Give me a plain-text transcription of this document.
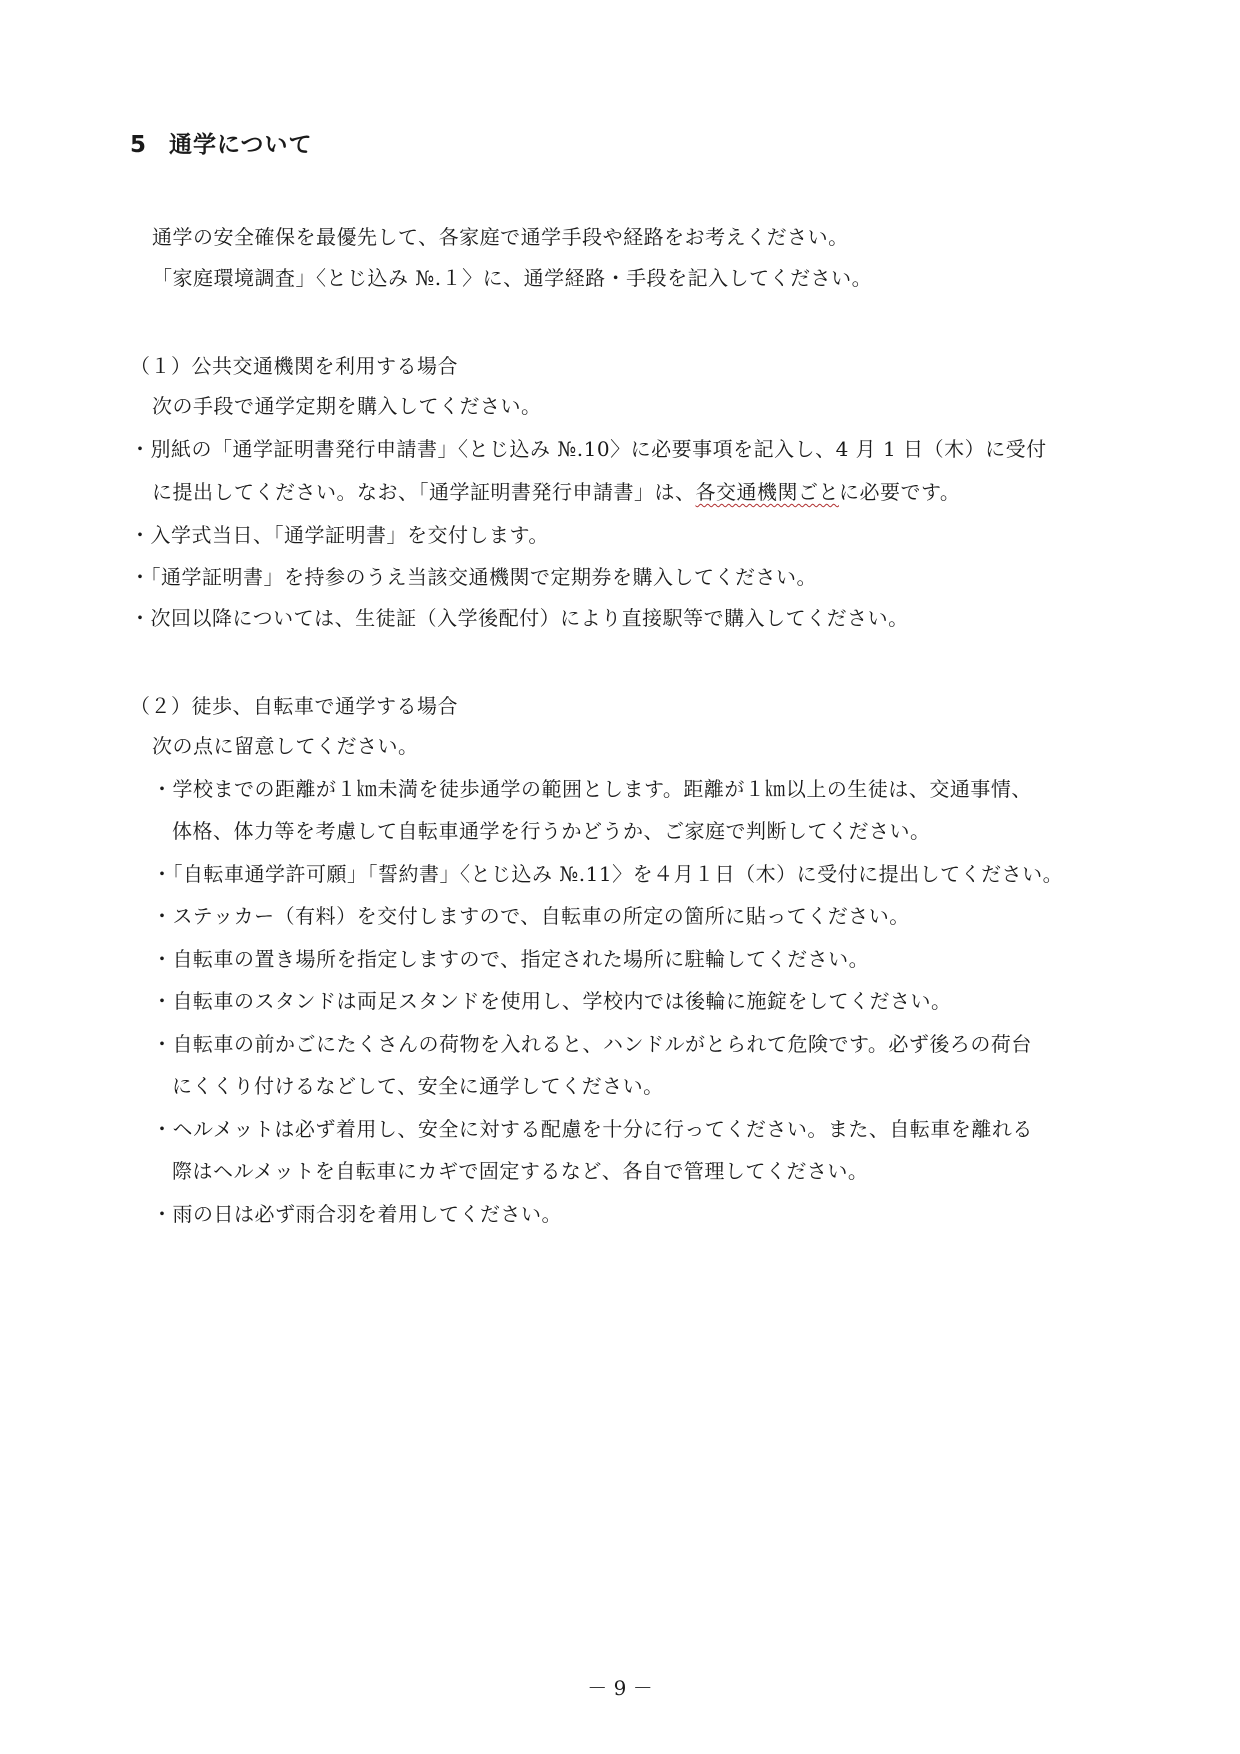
5 通学について
通学の安全確保を最優先して、各家庭で通学手段や経路をお考えください。
「家庭環境調査」〈とじ込み №.１〉に、通学経路・手段を記入してください。
（１）公共交通機関を利用する場合
次の手段で通学定期を購入してください。
・別紙の「通学証明書発行申請書」〈とじ込み №.10〉に必要事項を記入し、4 月 1 日（木）に受付
に提出してください。なお、「通学証明書発行申請書」は、各交通機関ごとに必要です。
・入学式当日、「通学証明書」を交付します。
・「通学証明書」を持参のうえ当該交通機関で定期券を購入してください。
・次回以降については、生徒証（入学後配付）により直接駅等で購入してください。
（２）徒歩、自転車で通学する場合
次の点に留意してください。
・学校までの距離が１㎞未満を徒歩通学の範囲とします。距離が１㎞以上の生徒は、交通事情、
体格、体力等を考慮して自転車通学を行うかどうか、ご家庭で判断してください。
・「自転車通学許可願」「誓約書」〈とじ込み №.11〉を４月１日（木）に受付に提出してください。
・ステッカー（有料）を交付しますので、自転車の所定の箇所に貼ってください。
・自転車の置き場所を指定しますので、指定された場所に駐輪してください。
・自転車のスタンドは両足スタンドを使用し、学校内では後輪に施錠をしてください。
・自転車の前かごにたくさんの荷物を入れると、ハンドルがとられて危険です。必ず後ろの荷台
にくくり付けるなどして、安全に通学してください。
・ヘルメットは必ず着用し、安全に対する配慮を十分に行ってください。また、自転車を離れる
際はヘルメットを自転車にカギで固定するなど、各自で管理してください。
・雨の日は必ず雨合羽を着用してください。
－ 9 －
